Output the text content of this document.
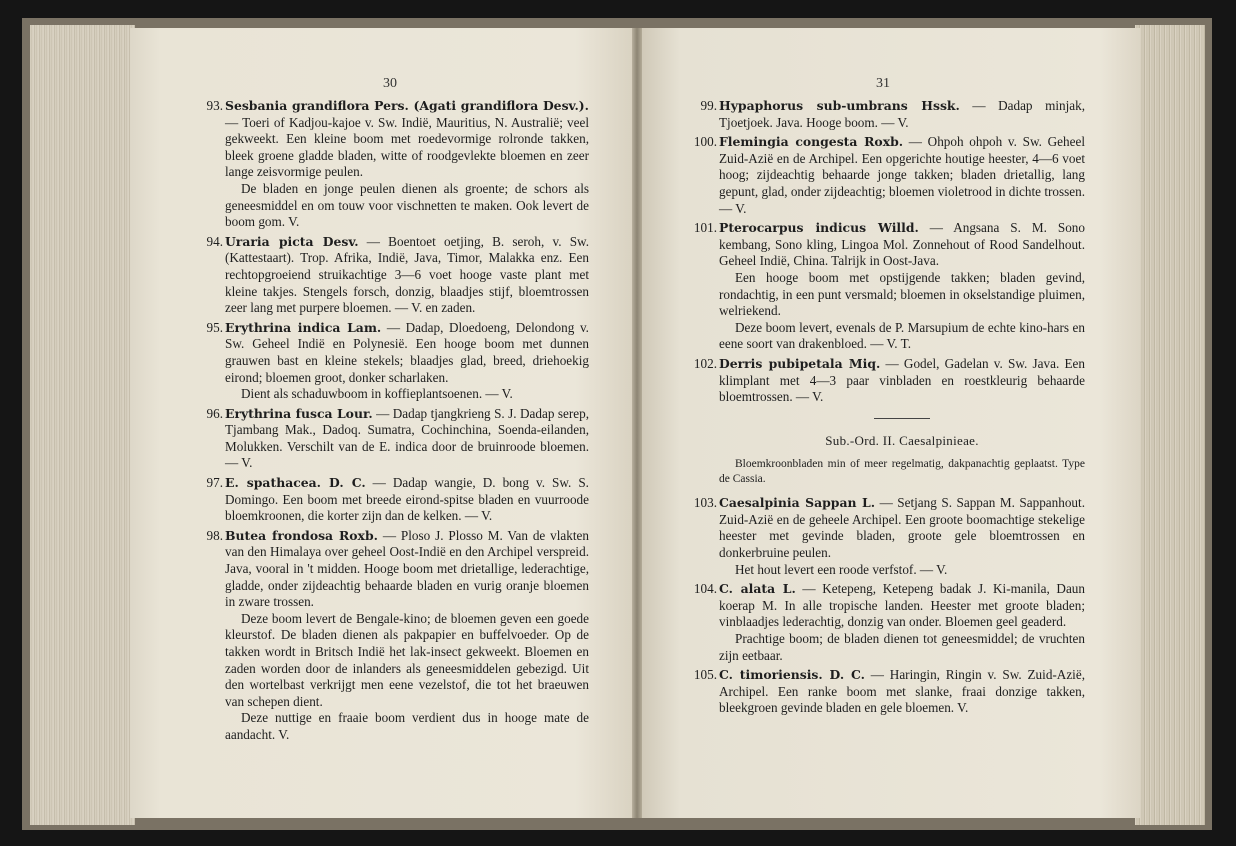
30	31
93. Sesbania grandiflora Pers. (Agati grandiflora Desv.). — Toeri of Kadjou-kajoe v. Sw. Indië, Mauritius, N. Australië; veel gekweekt. Een kleine boom met roedevormige rolronde takken, bleek groene gladde bladen, witte of roodgevlekte bloemen en zeer lange zeisvormige peulen.

De bladen en jonge peulen dienen als groente; de schors als geneesmiddel en om touw voor vischnetten te maken. Ook levert de boom gom. V.

94. Uraria picta Desv. — Boentoet oetjing, B. seroh, v. Sw. (Kattestaart). Trop. Afrika, Indië, Java, Timor, Malakka enz. Een rechtopgroeiend struikachtige 3—6 voet hooge vaste plant met kleine takjes. Stengels forsch, donzig, blaadjes stijf, bloemtrossen zeer lang met purpere bloemen. — V. en zaden.

95. Erythrina indica Lam. — Dadap, Dloedoeng, Delondong v. Sw. Geheel Indië en Polynesië. Een hooge boom met dunnen grauwen bast en kleine stekels; blaadjes glad, breed, driehoekig eirond; bloemen groot, donker scharlaken.

Dient als schaduwboom in koffieplantsoenen. — V.

96. Erythrina fusca Lour. — Dadap tjangkrieng S. J. Dadap serep, Tjambang Mak., Dadoq. Sumatra, Cochinchina, Soenda-eilanden, Molukken. Verschilt van de E. indica door de bruinroode bloemen. — V.

97. E. spathacea. D. C. — Dadap wangie, D. bong v. Sw. S. Domingo. Een boom met breede eirond-spitse bladen en vuurroode bloemkroonen, die korter zijn dan de kelken. — V.

98. Butea frondosa Roxb. — Ploso J. Plosso M. Van de vlakten van den Himalaya over geheel Oost-Indië en den Archipel verspreid. Java, vooral in 't midden. Hooge boom met drietallige, lederachtige, gladde, onder zijdeachtig behaarde bladen en vurig oranje bloemen in zware trossen.

Deze boom levert de Bengale-kino; de bloemen geven een goede kleurstof. De bladen dienen als pakpapier en buffelvoeder. Op de takken wordt in Britsch Indië het lak-insect gekweekt. Bloemen en zaden worden door de inlanders als geneesmiddelen gebezigd. Uit den wortelbast verkrijgt men eene vezelstof, die tot het braeuwen van schepen dient.

Deze nuttige en fraaie boom verdient dus in hooge mate de aandacht. V.

99. Hypaphorus sub-umbrans Hssk. — Dadap minjak, Tjoetjoek. Java. Hooge boom. — V.

100. Flemingia congesta Roxb. — Ohpoh ohpoh v. Sw. Geheel Zuid-Azië en de Archipel. Een opgerichte houtige heester, 4—6 voet hoog; zijdeachtig behaarde jonge takken; bladen drietallig, lang gepunt, glad, onder zijdeachtig; bloemen violetrood in dichte trossen. — V.

101. Pterocarpus indicus Willd. — Angsana S. M. Sono kembang, Sono kling, Lingoa Mol. Zonnehout of Rood Sandelhout. Geheel Indië, China. Talrijk in Oost-Java.

Een hooge boom met opstijgende takken; bladen gevind, rondachtig, in een punt versmald; bloemen in okselstandige pluimen, welriekend.

Deze boom levert, evenals de P. Marsupium de echte kino-hars en eene soort van drakenbloed. — V. T.

102. Derris pubipetala Miq. — Godel, Gadelan v. Sw. Java. Een klimplant met 4—3 paar vinbladen en roestkleurig behaarde bloemtrossen. — V.

Sub.-Ord. II. Caesalpinieae.

Bloemkroonbladen min of meer regelmatig, dakpanachtig geplaatst. Type de Cassia.

103. Caesalpinia Sappan L. — Setjang S. Sappan M. Sappanhout. Zuid-Azië en de geheele Archipel. Een groote boomachtige stekelige heester met gevinde bladen, groote gele bloemtrossen en donkerbruine peulen.

Het hout levert een roode verfstof. — V.

104. C. alata L. — Ketepeng, Ketepeng badak J. Ki-manila, Daun koerap M. In alle tropische landen. Heester met groote bladen; vinblaadjes lederachtig, donzig van onder. Bloemen geel geaderd.

Prachtige boom; de bladen dienen tot geneesmiddel; de vruchten zijn eetbaar.

105. C. timoriensis. D. C. — Haringin, Ringin v. Sw. Zuid-Azië, Archipel. Een ranke boom met slanke, fraai donzige takken, bleekgroen gevinde bladen en gele bloemen. V.
